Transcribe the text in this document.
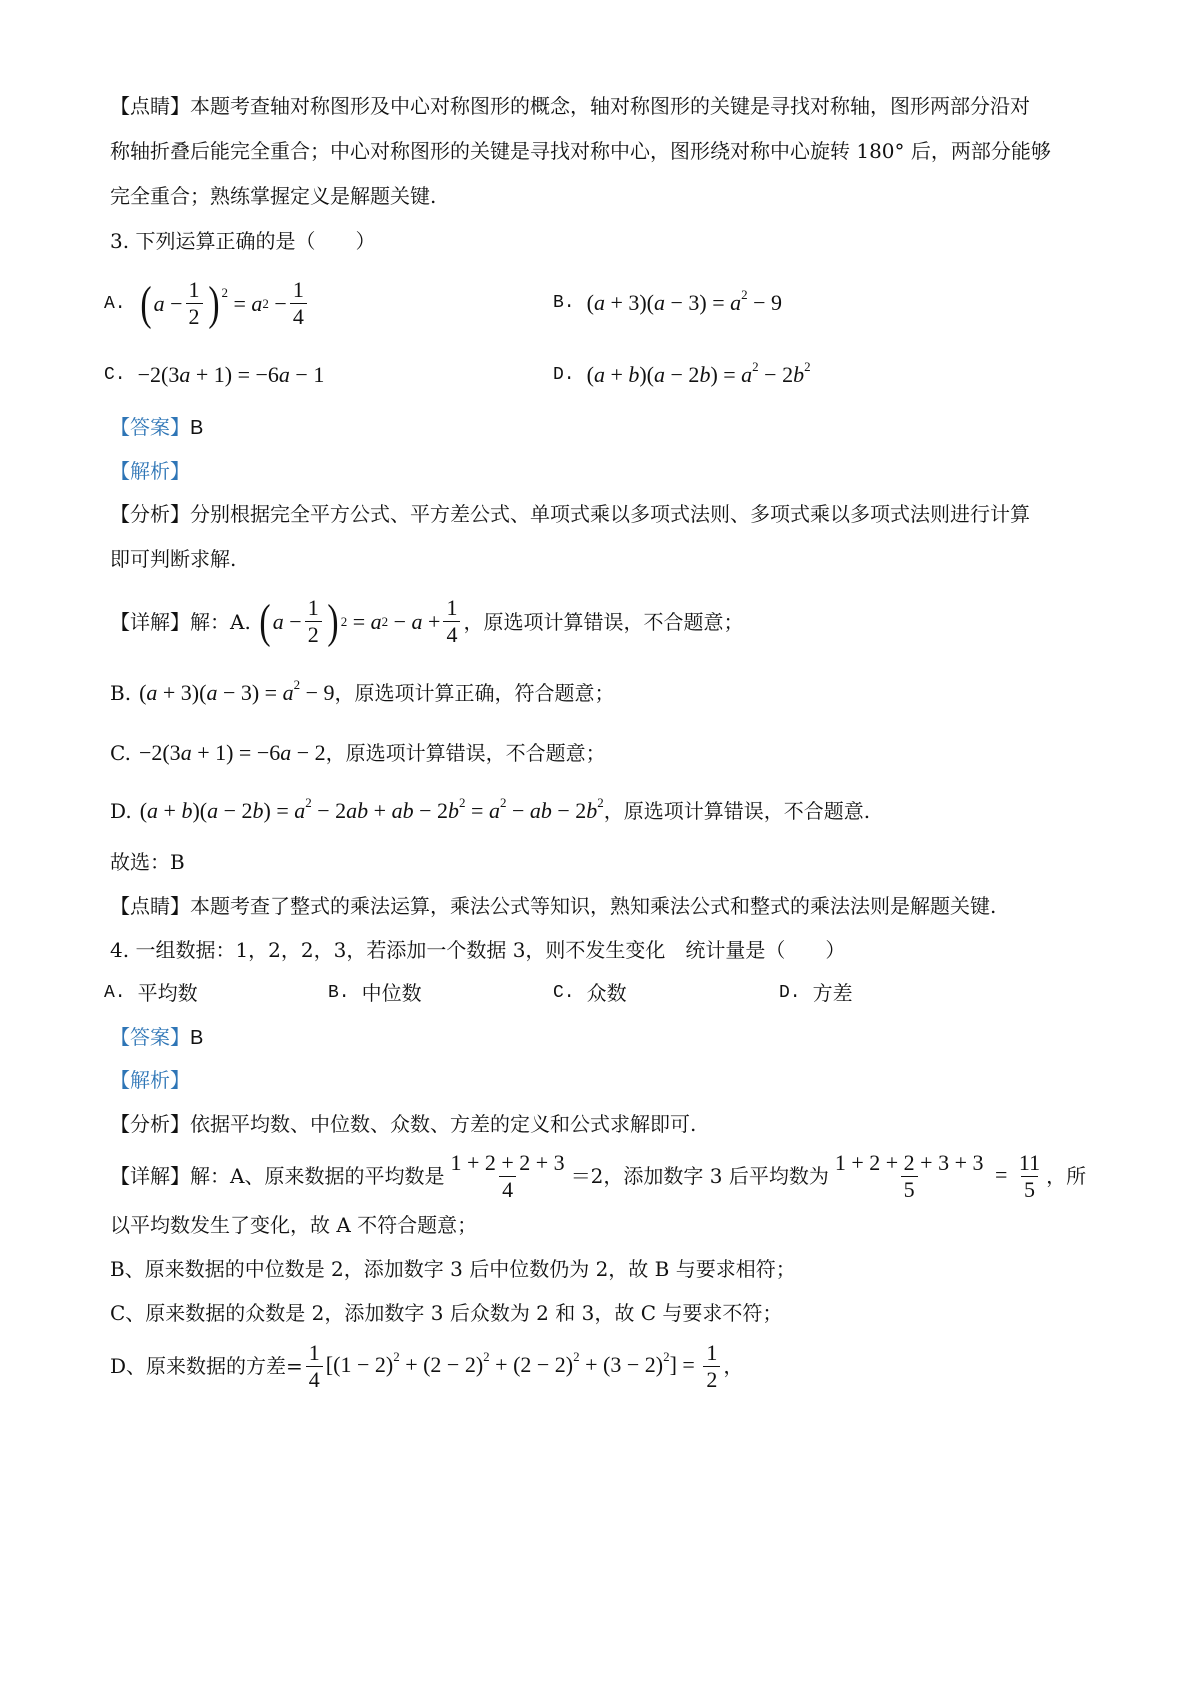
【点睛】本题考查轴对称图形及中心对称图形的概念，轴对称图形的关键是寻找对称轴，图形两部分沿对
称轴折叠后能完全重合；中心对称图形的关键是寻找对称中心，图形绕对称中心旋转 180° 后，两部分能够
完全重合；熟练掌握定义是解题关键.
3. 下列运算正确的是（　　）
A. ( $a - \frac{1}{2}$ ) 2 = a $2 - \frac{1}{4}$	B. $(a + 3)(a - 3) = a^2 - 9$
C. −2(3a + 1) = −6a − 1	D. $(a + b)(a - 2b) = a^2 - 2b^2$
【答案】B
【解析】
【分析】分别根据完全平方公式、平方差公式、单项式乘以多项式法则、多项式乘以多项式法则进行计算
即可判断求解.
【详解】 解：A. ( $a - \frac{1}{2}$ ) 2 = a $2 - a + \frac{1}{4}$ ，原选项计算错误，不合题意；
B. $(a + 3)(a - 3) = a^2 - 9$ ，原选项计算正确，符合题意；
C. −2(3a + 1) = −6a − 2 ，原选项计算错误，不合题意；
D. $(a + b)(a - 2b) = a^2 - 2ab$ + ab − $2b^2 = a^2$ − ab − $2b^2$ ，原选项计算错误，不合题意.
故选：B
【点睛】本题考查了整式的乘法运算，乘法公式等知识，熟知乘法公式和整式的乘法法则是解题关键.
4. 一组数据：1，2，2，3，若添加一个数据 3，则不发生变化　统计量是（　　）
A. 平均数	B. 中位数	C. 众数	D. 方差
【答案】B
【解析】
【分析】依据平均数、中位数、众数、方差的定义和公式求解即可.
【详解】 解：A、原来数据的平均数是 $\frac{1 + 2 + 2 + 3}{4} =2$，添加数字 3 后平均数为 $\frac{1 + 2 + 2 + 3 + 3}{5} = \frac{11}{5}$ ，所
以平均数发生了变化，故 A 不符合题意；
B、原来数据的中位数是 2，添加数字 3 后中位数仍为 2，故 B 与要求相符；
C、原来数据的众数是 2，添加数字 3 后众数为 2 和 3，故 C 与要求不符；
D、原来数据的方差= $\frac{1}{4} [(1 - 2)^2 + (2 - 2)^2 + (2 - 2)^2 + (3 - 2)^2] = \frac{1}{2}$ ，
